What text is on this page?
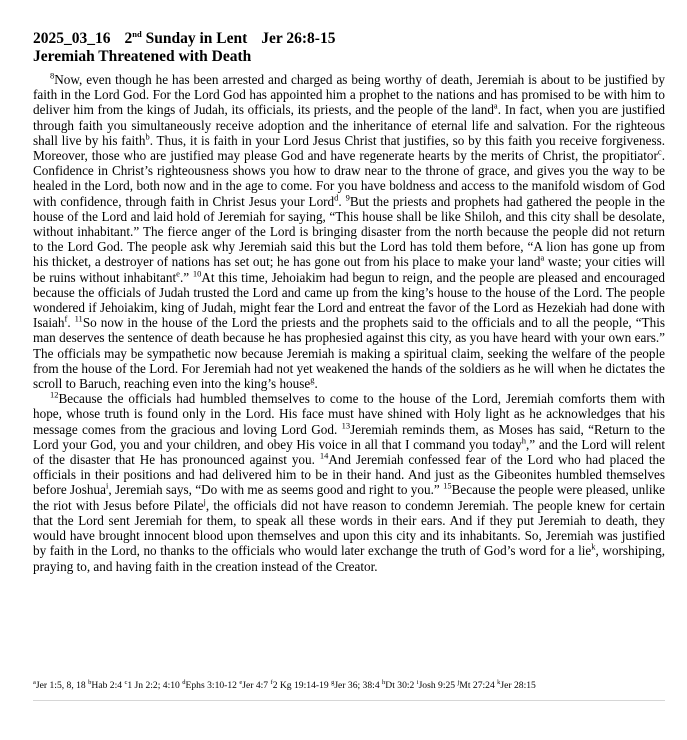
2025_03_16 2nd Sunday in Lent Jer 26:8-15
Jeremiah Threatened with Death

$^8$Now, even though he has been arrested and charged as being worthy of death, Jeremiah is about to be justified by faith in the Lord God. For the Lord God has appointed him a prophet to the nations and has promised to be with him to deliver him from the kings of Judah, its officials, its priests, and the people of the land$^a$. In fact, when you are justified through faith you simultaneously receive adoption and the inheritance of eternal life and salvation. For the righteous shall live by his faith$^b$. Thus, it is faith in your Lord Jesus Christ that justifies, so by this faith you receive forgiveness. Moreover, those who are justified may please God and have regenerate hearts by the merits of Christ, the propitiator$^c$. Confidence in Christ’s righteousness shows you how to draw near to the throne of grace, and gives you the way to be healed in the Lord, both now and in the age to come. For you have boldness and access to the manifold wisdom of God with confidence, through faith in Christ Jesus your Lord$^d$. $^9$But the priests and prophets had gathered the people in the house of the Lord and laid hold of Jeremiah for saying, “This house shall be like Shiloh, and this city shall be desolate, without inhabitant.” The fierce anger of the Lord is bringing disaster from the north because the people did not return to the Lord God. The people ask why Jeremiah said this but the Lord has told them before, “A lion has gone up from his thicket, a destroyer of nations has set out; he has gone out from his place to make your land$^a$ waste; your cities will be ruins without inhabitant$^e$.” $^{10}$At this time, Jehoiakim had begun to reign, and the people are pleased and encouraged because the officials of Judah trusted the Lord and came up from the king’s house to the house of the Lord. The people wondered if Jehoiakim, king of Judah, might fear the Lord and entreat the favor of the Lord as Hezekiah had done with Isaiah$^f$. $^{11}$So now in the house of the Lord the priests and the prophets said to the officials and to all the people, “This man deserves the sentence of death because he has prophesied against this city, as you have heard with your own ears.” The officials may be sympathetic now because Jeremiah is making a spiritual claim, seeking the welfare of the people from the house of the Lord. For Jeremiah had not yet weakened the hands of the soldiers as he will when he dictates the scroll to Baruch, reaching even into the king’s house$^g$.

$^{12}$Because the officials had humbled themselves to come to the house of the Lord, Jeremiah comforts them with hope, whose truth is found only in the Lord. His face must have shined with Holy light as he acknowledges that his message comes from the gracious and loving Lord God. $^{13}$Jeremiah reminds them, as Moses has said, “Return to the Lord your God, you and your children, and obey His voice in all that I command you today$^h$,” and the Lord will relent of the disaster that He has pronounced against you. $^{14}$And Jeremiah confessed fear of the Lord who had placed the officials in their positions and had delivered him to be in their hand. And just as the Gibeonites humbled themselves before Joshua$^i$, Jeremiah says, “Do with me as seems good and right to you.” $^{15}$Because the people were pleased, unlike the riot with Jesus before Pilate$^j$, the officials did not have reason to condemn Jeremiah. The people knew for certain that the Lord sent Jeremiah for them, to speak all these words in their ears. And if they put Jeremiah to death, they would have brought innocent blood upon themselves and upon this city and its inhabitants. So, Jeremiah was justified by faith in the Lord, no thanks to the officials who would later exchange the truth of God’s word for a lie$^k$, worshiping, praying to, and having faith in the creation instead of the Creator.

$^a$Jer 1:5, 8, 18 $^b$Hab 2:4 $^c$1 Jn 2:2; 4:10 $^d$Ephs 3:10-12 $^e$Jer 4:7 $^f$2 Kg 19:14-19 $^g$Jer 36; 38:4 $^h$Dt 30:2 $^i$Josh 9:25 $^j$Mt 27:24 $^k$Jer 28:15
